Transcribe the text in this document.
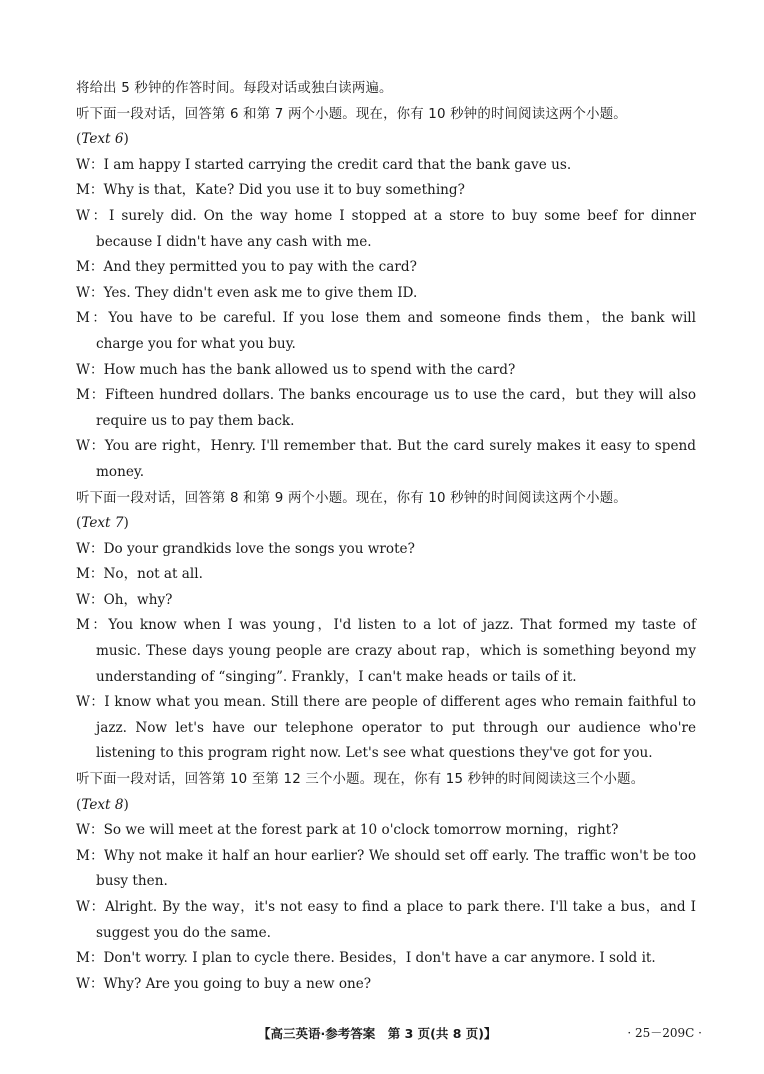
将给出 5 秒钟的作答时间。每段对话或独白读两遍。
听下面一段对话，回答第 6 和第 7 两个小题。现在，你有 10 秒钟的时间阅读这两个小题。
(Text 6)
W：I am happy I started carrying the credit card that the bank gave us.
M：Why is that，Kate? Did you use it to buy something?
W：I surely did. On the way home I stopped at a store to buy some beef for dinner because I didn't have any cash with me.
M：And they permitted you to pay with the card?
W：Yes. They didn't even ask me to give them ID.
M：You have to be careful. If you lose them and someone finds them，the bank will charge you for what you buy.
W：How much has the bank allowed us to spend with the card?
M：Fifteen hundred dollars. The banks encourage us to use the card，but they will also require us to pay them back.
W：You are right，Henry. I'll remember that. But the card surely makes it easy to spend money.
听下面一段对话，回答第 8 和第 9 两个小题。现在，你有 10 秒钟的时间阅读这两个小题。
(Text 7)
W：Do your grandkids love the songs you wrote?
M：No，not at all.
W：Oh，why?
M：You know when I was young，I'd listen to a lot of jazz. That formed my taste of music. These days young people are crazy about rap，which is something beyond my understanding of “singing”. Frankly，I can't make heads or tails of it.
W：I know what you mean. Still there are people of different ages who remain faithful to jazz. Now let's have our telephone operator to put through our audience who're listening to this program right now. Let's see what questions they've got for you.
听下面一段对话，回答第 10 至第 12 三个小题。现在，你有 15 秒钟的时间阅读这三个小题。
(Text 8)
W：So we will meet at the forest park at 10 o'clock tomorrow morning，right?
M：Why not make it half an hour earlier? We should set off early. The traffic won't be too busy then.
W：Alright. By the way，it's not easy to find a place to park there. I'll take a bus，and I suggest you do the same.
M：Don't worry. I plan to cycle there. Besides，I don't have a car anymore. I sold it.
W：Why? Are you going to buy a new one?
【高三英语·参考答案　第 3 页(共 8 页)】	· 25－209C ·
